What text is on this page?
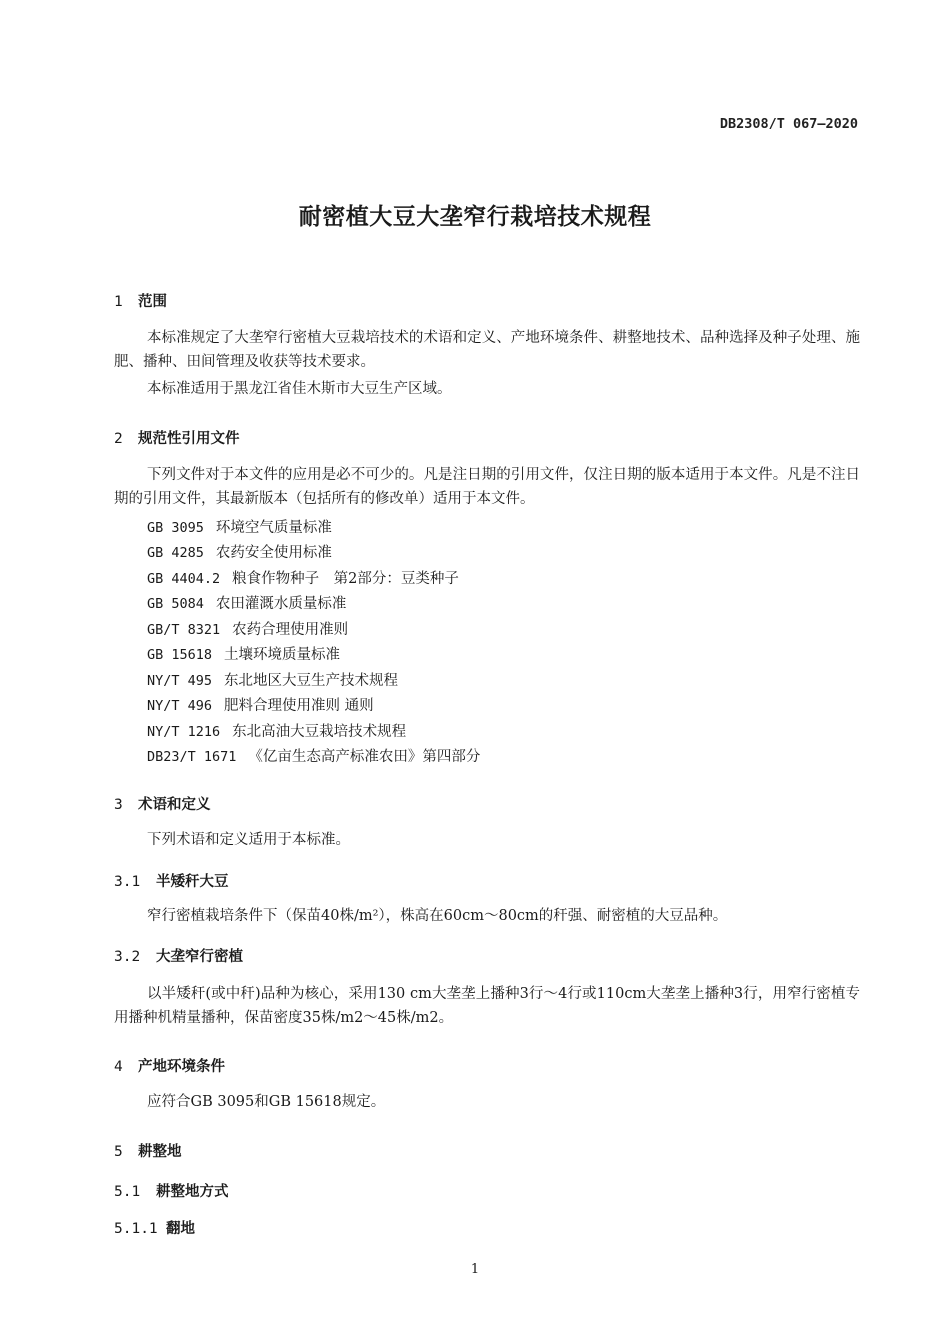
DB2308/T 067—2020
耐密植大豆大垄窄行栽培技术规程
1 范围

本标准规定了大垄窄行密植大豆栽培技术的术语和定义、产地环境条件、耕整地技术、品种选择及种子处理、施肥、播种、田间管理及收获等技术要求。

本标准适用于黑龙江省佳木斯市大豆生产区域。

2 规范性引用文件

下列文件对于本文件的应用是必不可少的。凡是注日期的引用文件，仅注日期的版本适用于本文件。凡是不注日期的引用文件，其最新版本（包括所有的修改单）适用于本文件。

GB 3095 环境空气质量标准
GB 4285 农药安全使用标准
GB 4404.2 粮食作物种子　第2部分：豆类种子
GB 5084 农田灌溉水质量标准
GB/T 8321 农药合理使用准则
GB 15618 土壤环境质量标准
NY/T 495 东北地区大豆生产技术规程
NY/T 496 肥料合理使用准则 通则
NY/T 1216 东北高油大豆栽培技术规程
DB23/T 1671 《亿亩生态高产标准农田》第四部分
3 术语和定义

下列术语和定义适用于本标准。

3.1 半矮秆大豆

窄行密植栽培条件下（保苗40株/m²），株高在60cm～80cm的秆强、耐密植的大豆品种。

3.2 大垄窄行密植

以半矮秆(或中秆)品种为核心，采用130 cm大垄垄上播种3行～4行或110cm大垄垄上播种3行，用窄行密植专用播种机精量播种，保苗密度35株/m2～45株/m2。

4 产地环境条件

应符合GB 3095和GB 15618规定。

5 耕整地
5.1 耕整地方式
5.1.1 翻地
1
